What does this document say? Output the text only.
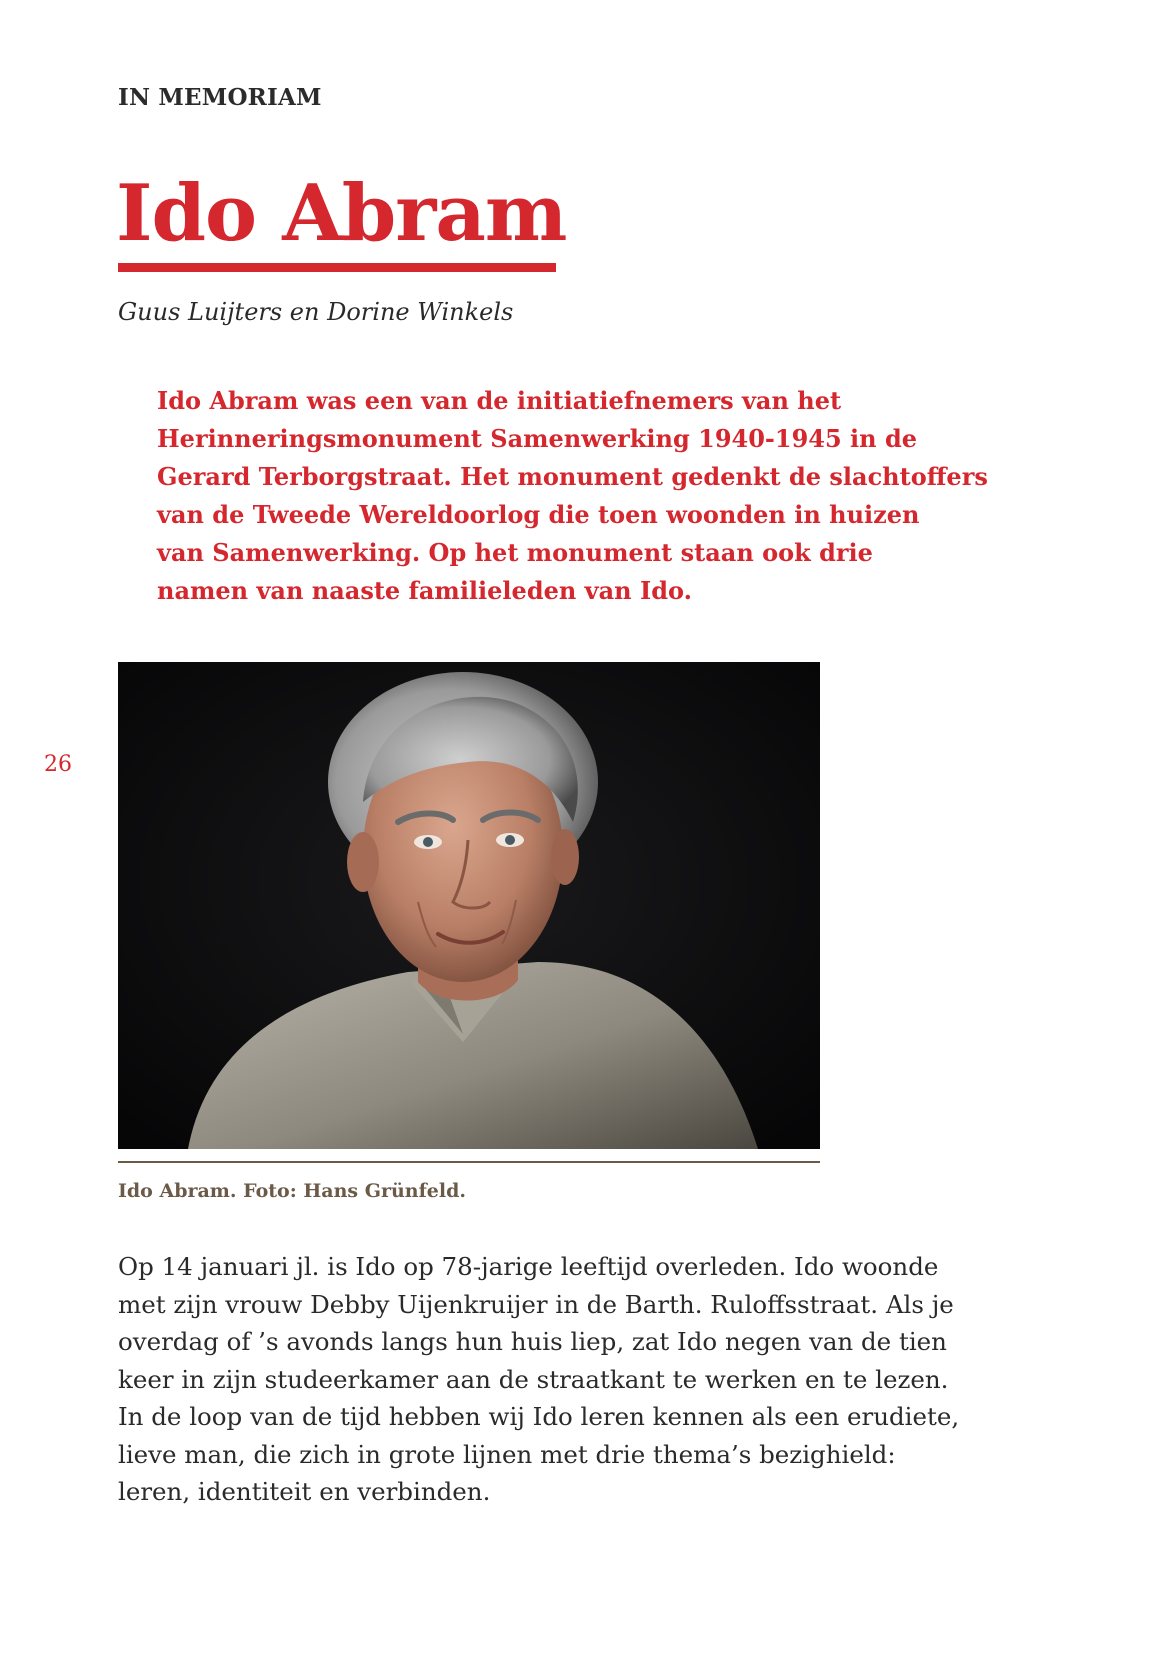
IN MEMORIAM
Ido Abram
Guus Luijters en Dorine Winkels
Ido Abram was een van de initiatiefnemers van het
Herinneringsmonument Samenwerking 1940-1945 in de
Gerard Terborgstraat. Het monument gedenkt de slachtoffers
van de Tweede Wereldoorlog die toen woonden in huizen
van Samenwerking. Op het monument staan ook drie
namen van naaste familieleden van Ido.
26
Ido Abram. Foto: Hans Grünfeld.
Op 14 januari jl. is Ido op 78-jarige leeftijd overleden. Ido woonde
met zijn vrouw Debby Uijenkruijer in de Barth. Ruloffsstraat. Als je
overdag of ’s avonds langs hun huis liep, zat Ido negen van de tien
keer in zijn studeerkamer aan de straatkant te werken en te lezen.
In de loop van de tijd hebben wij Ido leren kennen als een erudiete,
lieve man, die zich in grote lijnen met drie thema’s bezighield:
leren, identiteit en verbinden.
